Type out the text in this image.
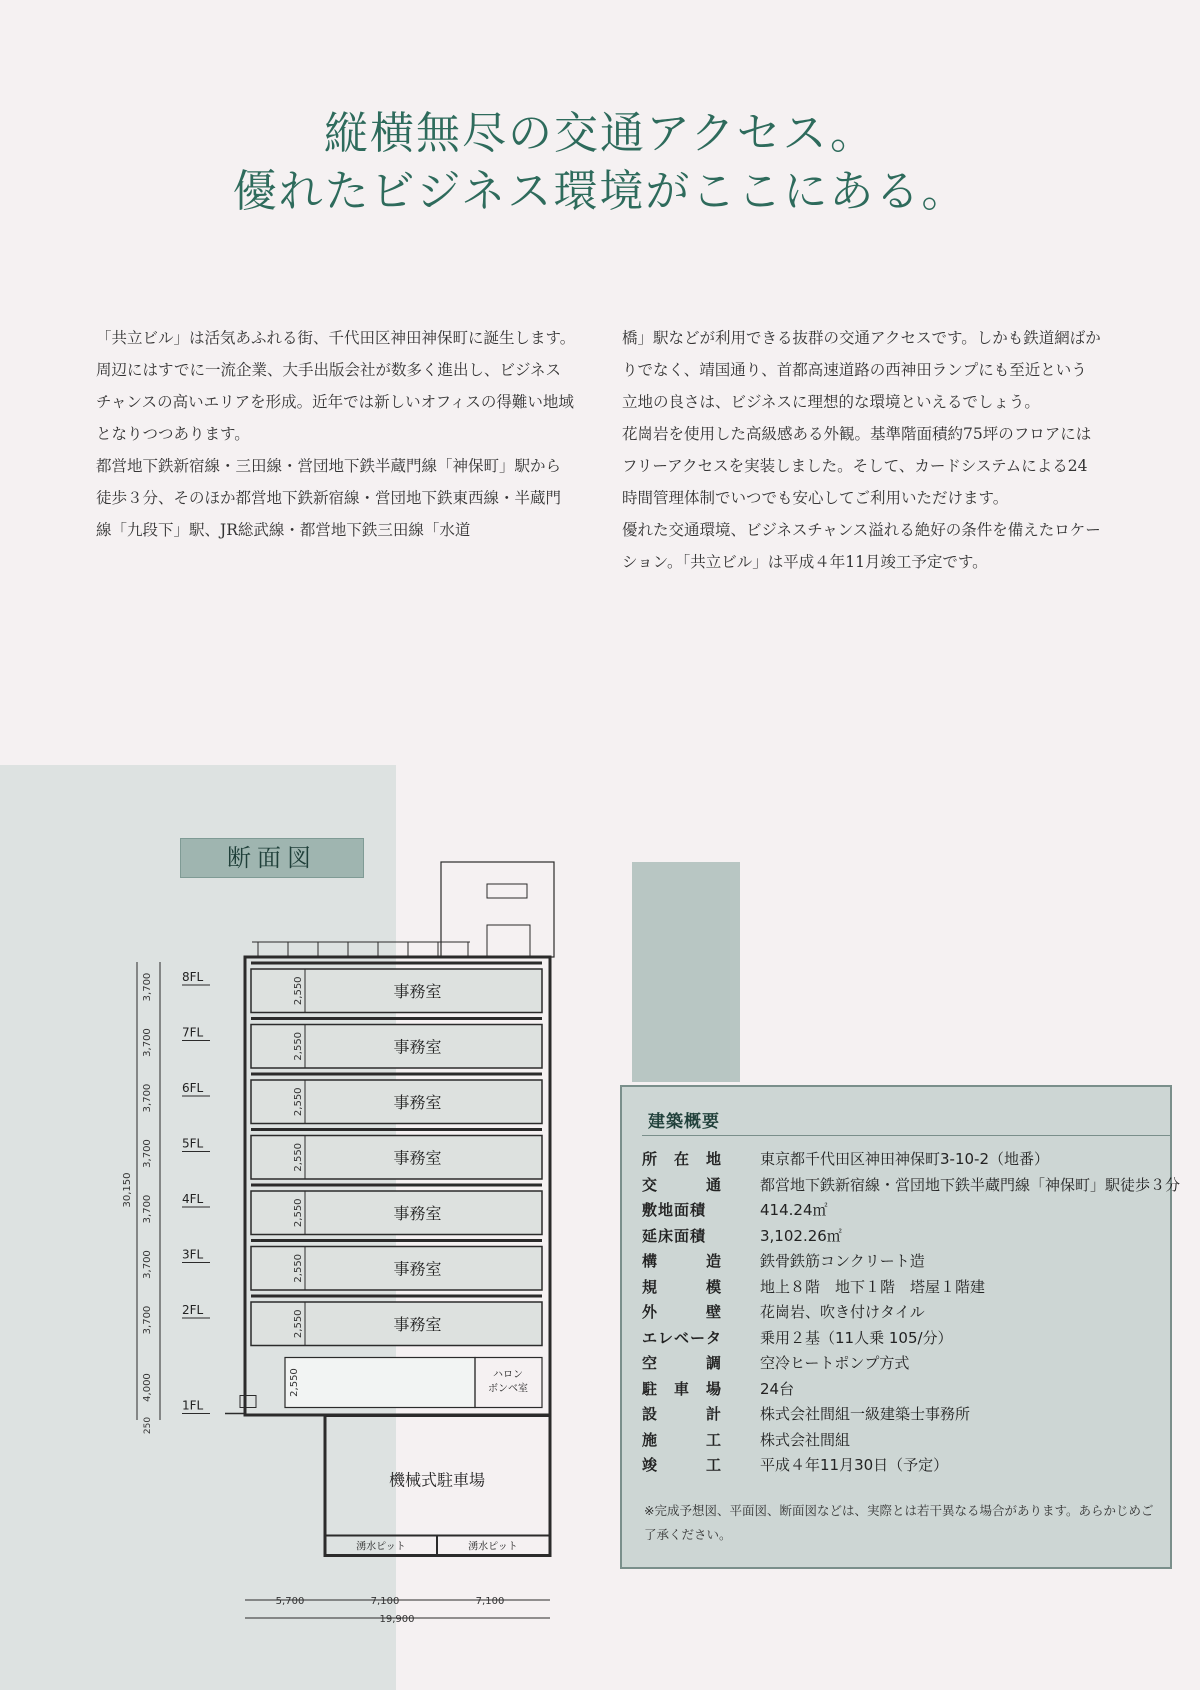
縦横無尽の交通アクセス。
優れたビジネス環境がここにある。

「共立ビル」は活気あふれる街、千代田区神田神保町に誕生します。

周辺にはすでに一流企業、大手出版会社が数多く進出し、ビジネスチャンスの高いエリアを形成。近年では新しいオフィスの得難い地域となりつつあります。

都営地下鉄新宿線・三田線・営団地下鉄半蔵門線「神保町」駅から徒歩３分、そのほか都営地下鉄新宿線・営団地下鉄東西線・半蔵門線「九段下」駅、JR総武線・都営地下鉄三田線「水道

橋」駅などが利用できる抜群の交通アクセスです。しかも鉄道網ばかりでなく、靖国通り、首都高速道路の西神田ランプにも至近という立地の良さは、ビジネスに理想的な環境といえるでしょう。

花崗岩を使用した高級感ある外観。基準階面積約75坪のフロアにはフリーアクセスを実装しました。そして、カードシステムによる24時間管理体制でいつでも安心してご利用いただけます。

優れた交通環境、ビジネスチャンス溢れる絶好の条件を備えたロケーション。「共立ビル」は平成４年11月竣工予定です。

断面図
2,550	事務室
8FL
3,700
2,550	事務室
7FL
3,700
2,550	事務室
6FL
3,700
2,550	事務室
5FL
3,700
2,550	事務室
4FL
3,700
2,550	事務室
3FL
3,700
2,550	事務室
2FL
3,700
ハロン
ボンベ室
2,550
1FL
4,000
250
機械式駐車場
湧水ピット	湧水ピット
30,150
5,700	7,100	7,100
19,900
建築概要
所　在　地	東京都千代田区神田神保町3-10-2（地番）
交　　　通	都営地下鉄新宿線・営団地下鉄半蔵門線「神保町」駅徒歩３分
敷地面積	414.24㎡
延床面積	3,102.26㎡
構　　　造	鉄骨鉄筋コンクリート造
規　　　模	地上８階　地下１階　塔屋１階建
外　　　壁	花崗岩、吹き付けタイル
エレベータ	乗用２基（11人乗 105/分）
空　　　調	空冷ヒートポンプ方式
駐　車　場	24台
設　　　計	株式会社間組一級建築士事務所
施　　　工	株式会社間組
竣　　　工	平成４年11月30日（予定）
※完成予想図、平面図、断面図などは、実際とは若干異なる場合があります。あらかじめご了承ください。
